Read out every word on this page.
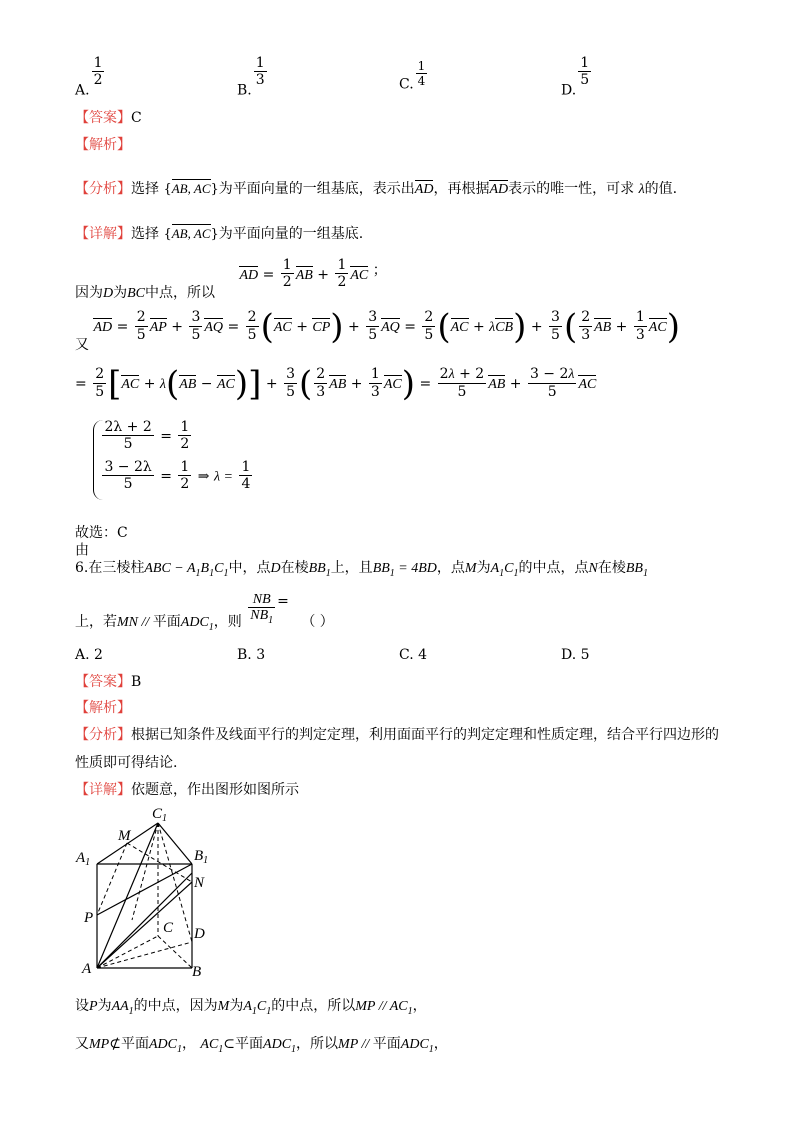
A.
$\frac{1}{2}$
B.
$\frac{1}{3}$	C. $\frac{1}{4}$
D.
$\frac{1}{5}$
【答案】C
【解析】
【分析】选择 {AB, AC}为平面向量的一组基底，表示出AD，再根据AD表示的唯一性，可求 λ的值.
【详解】选择 {AB, AC}为平面向量的一组基底.
因为D为BC中点，所以 AD = $\frac{1}{2}$ AB + $\frac{1}{2}$ AC ；
又 AD = $\frac{2}{5}$ AP + $\frac{3}{5}$ AQ = $\frac{2}{5} (AC + CP) + \frac{3}{5}$ AQ = $\frac{2}{5} (AC + \lambda CB) + \frac{3}{5}$ ( $\frac{2}{3}$ AB + $\frac{1}{3} AC$)
= $\frac{2}{5} [AC + \lambda(AB - AC)] + \frac{3}{5}$ ( $\frac{2}{3}$ AB + $\frac{1}{3} AC) = \frac{2\lambda + 2}{5}$ AB + $\frac{3 - 2\lambda}{5}$ AC
由
$\frac{2\lambda + 2}{5} = \frac{1}{2}$
$\frac{3 - 2\lambda}{5} = \frac{1}{2}$ ⇒ $\lambda = \frac{1}{4}$
故选：C
6.在三棱柱ABC − $A_1B_1C_1$中，点D在棱$BB_1$上，且$BB_1 = 4BD$，点M为$A_1C_1$的中点，点N在棱$BB_1$
上，若MN // 平面$ADC_1$，则 $\frac{NB}{NB_1}$ = （ ）
A. 2	B. 3	C. 4	D. 5
【答案】B
【解析】
【分析】根据已知条件及线面平行的判定定理，利用面面平行的判定定理和性质定理，结合平行四边形的
性质即可得结论.
【详解】依题意，作出图形如图所示
$C_1$
M
$A_1$	$B_1$
N
P
C D
A	B
设P为$AA_1$的中点，因为M为$A_1C_1$的中点，所以MP // $AC_1$，
又MP⊄平面$ADC_1$， $AC_1\subset$平面$ADC_1$，所以MP // 平面$ADC_1$，
